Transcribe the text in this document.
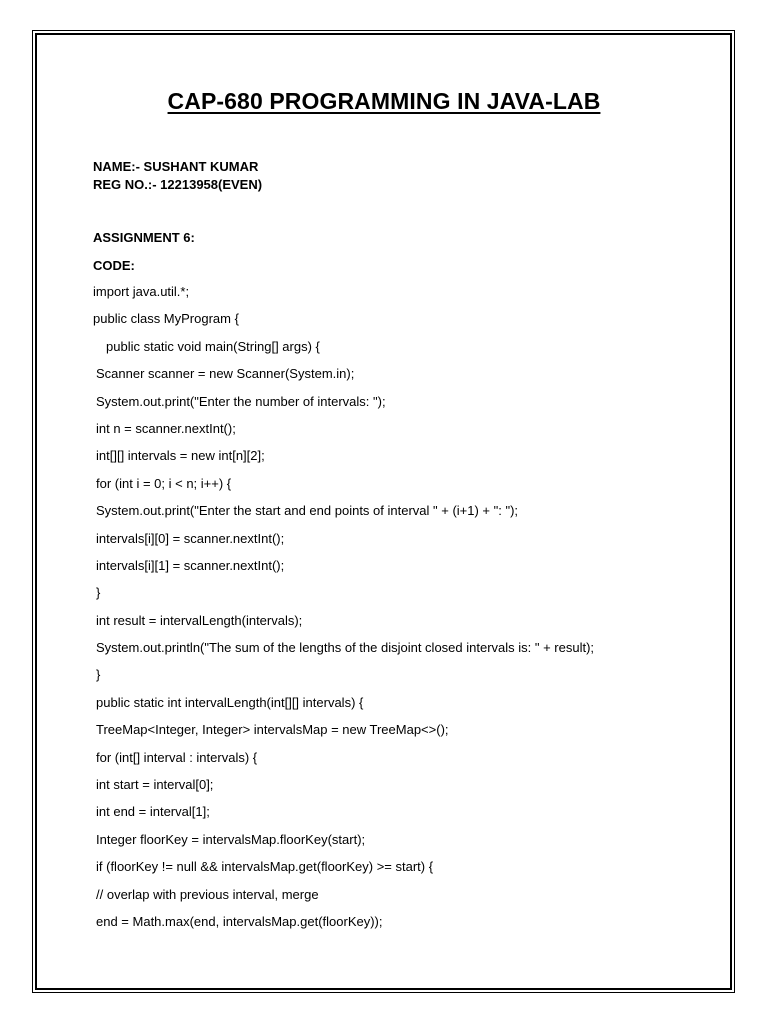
CAP-680 PROGRAMMING IN JAVA-LAB
NAME:- SUSHANT KUMAR
REG NO.:- 12213958(EVEN)
ASSIGNMENT 6:
CODE:
import java.util.*;
public class MyProgram {
public static void main(String[] args) {
Scanner scanner = new Scanner(System.in);
System.out.print("Enter the number of intervals: ");
int n = scanner.nextInt();
int[][] intervals = new int[n][2];
for (int i = 0; i < n; i++) {
System.out.print("Enter the start and end points of interval " + (i+1) + ": ");
intervals[i][0] = scanner.nextInt();
intervals[i][1] = scanner.nextInt();
}
int result = intervalLength(intervals);
System.out.println("The sum of the lengths of the disjoint closed intervals is: " + result);
}
public static int intervalLength(int[][] intervals) {
TreeMap<Integer, Integer> intervalsMap = new TreeMap<>();
for (int[] interval : intervals) {
int start = interval[0];
int end = interval[1];
Integer floorKey = intervalsMap.floorKey(start);
if (floorKey != null && intervalsMap.get(floorKey) >= start) {
// overlap with previous interval, merge
end = Math.max(end, intervalsMap.get(floorKey));
